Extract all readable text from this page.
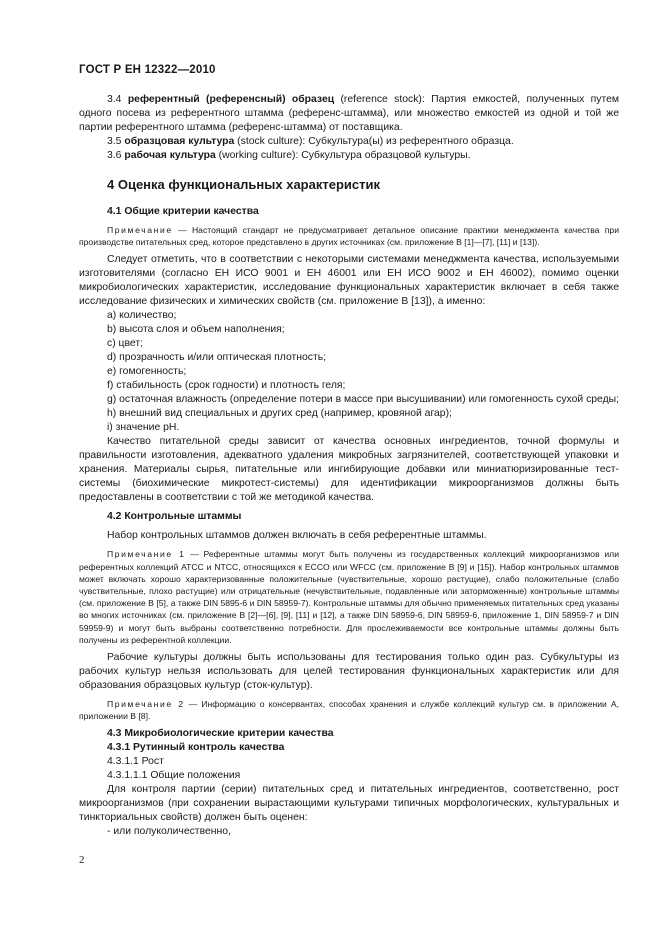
ГОСТ Р ЕН 12322—2010

3.4 референтный (референсный) образец (reference stock): Партия емкостей, полученных путем одного посева из референтного штамма (референс-штамма), или множество емкостей из одной и той же партии референтного штамма (референс-штамма) от поставщика.

3.5 образцовая культура (stock culture): Субкультура(ы) из референтного образца.

3.6 рабочая культура (working culture): Субкультура образцовой культуры.

4 Оценка функциональных характеристик
4.1 Общие критерии качества

Примечание — Настоящий стандарт не предусматривает детальное описание практики менеджмента качества при производстве питательных сред, которое представлено в других источниках (см. приложение В [1]—[7], [11] и [13]).

Следует отметить, что в соответствии с некоторыми системами менеджмента качества, используемыми изготовителями (согласно ЕН ИСО 9001 и ЕН 46001 или ЕН ИСО 9002 и ЕН 46002), помимо оценки микробиологических характеристик, исследование функциональных характеристик включает в себя также исследование физических и химических свойств (см. приложение В [13]), а именно:

a) количество;

b) высота слоя и объем наполнения;

c) цвет;

d) прозрачность и/или оптическая плотность;

e) гомогенность;

f) стабильность (срок годности) и плотность геля;

g) остаточная влажность (определение потери в массе при высушивании) или гомогенность сухой среды;

h) внешний вид специальных и других сред (например, кровяной агар);

i) значение pH.

Качество питательной среды зависит от качества основных ингредиентов, точной формулы и правильности изготовления, адекватного удаления микробных загрязнителей, соответствующей упаковки и хранения. Материалы сырья, питательные или ингибирующие добавки или миниатюризированные тест-системы (биохимические микротест-системы) для идентификации микроорганизмов должны быть предоставлены в соответствии с той же методикой качества.

4.2 Контрольные штаммы

Набор контрольных штаммов должен включать в себя референтные штаммы.

Примечание 1 — Референтные штаммы могут быть получены из государственных коллекций микроорганизмов или референтных коллекций АТСС и NТСС, относящихся к ECCO или WFCC (см. приложение В [9] и [15]). Набор контрольных штаммов может включать хорошо характеризованные положительные (чувствительные, хорошо растущие), слабо положительные (слабо чувствительные, плохо растущие) или отрицательные (нечувствительные, подавленные или заторможенные) контрольные штаммы (см. приложение В [5], а также DIN 5895-6 и DIN 58959-7). Контрольные штаммы для обычно применяемых питательных сред указаны во многих источниках (см. приложение В [2]—[6], [9], [11] и [12], а также DIN 58959-6, DIN 58959-6, приложение 1, DIN 58959-7 и DIN 59959-9) и могут быть выбраны соответственно потребности. Для прослеживаемости все контрольные штаммы должны быть получены из референтной коллекции.

Рабочие культуры должны быть использованы для тестирования только один раз. Субкультуры из рабочих культур нельзя использовать для целей тестирования функциональных характеристик или для образования образцовых культур (сток-культур).

Примечание 2 — Информацию о консервантах, способах хранения и службе коллекций культур см. в приложении А, приложении В [8].

4.3 Микробиологические критерии качества
4.3.1 Рутинный контроль качества

4.3.1.1 Рост

4.3.1.1.1 Общие положения

Для контроля партии (серии) питательных сред и питательных ингредиентов, соответственно, рост микроорганизмов (при сохранении вырастающими культурами типичных морфологических, культуральных и тинкториальных свойств) должен быть оценен:

- или полуколичественно,

2
